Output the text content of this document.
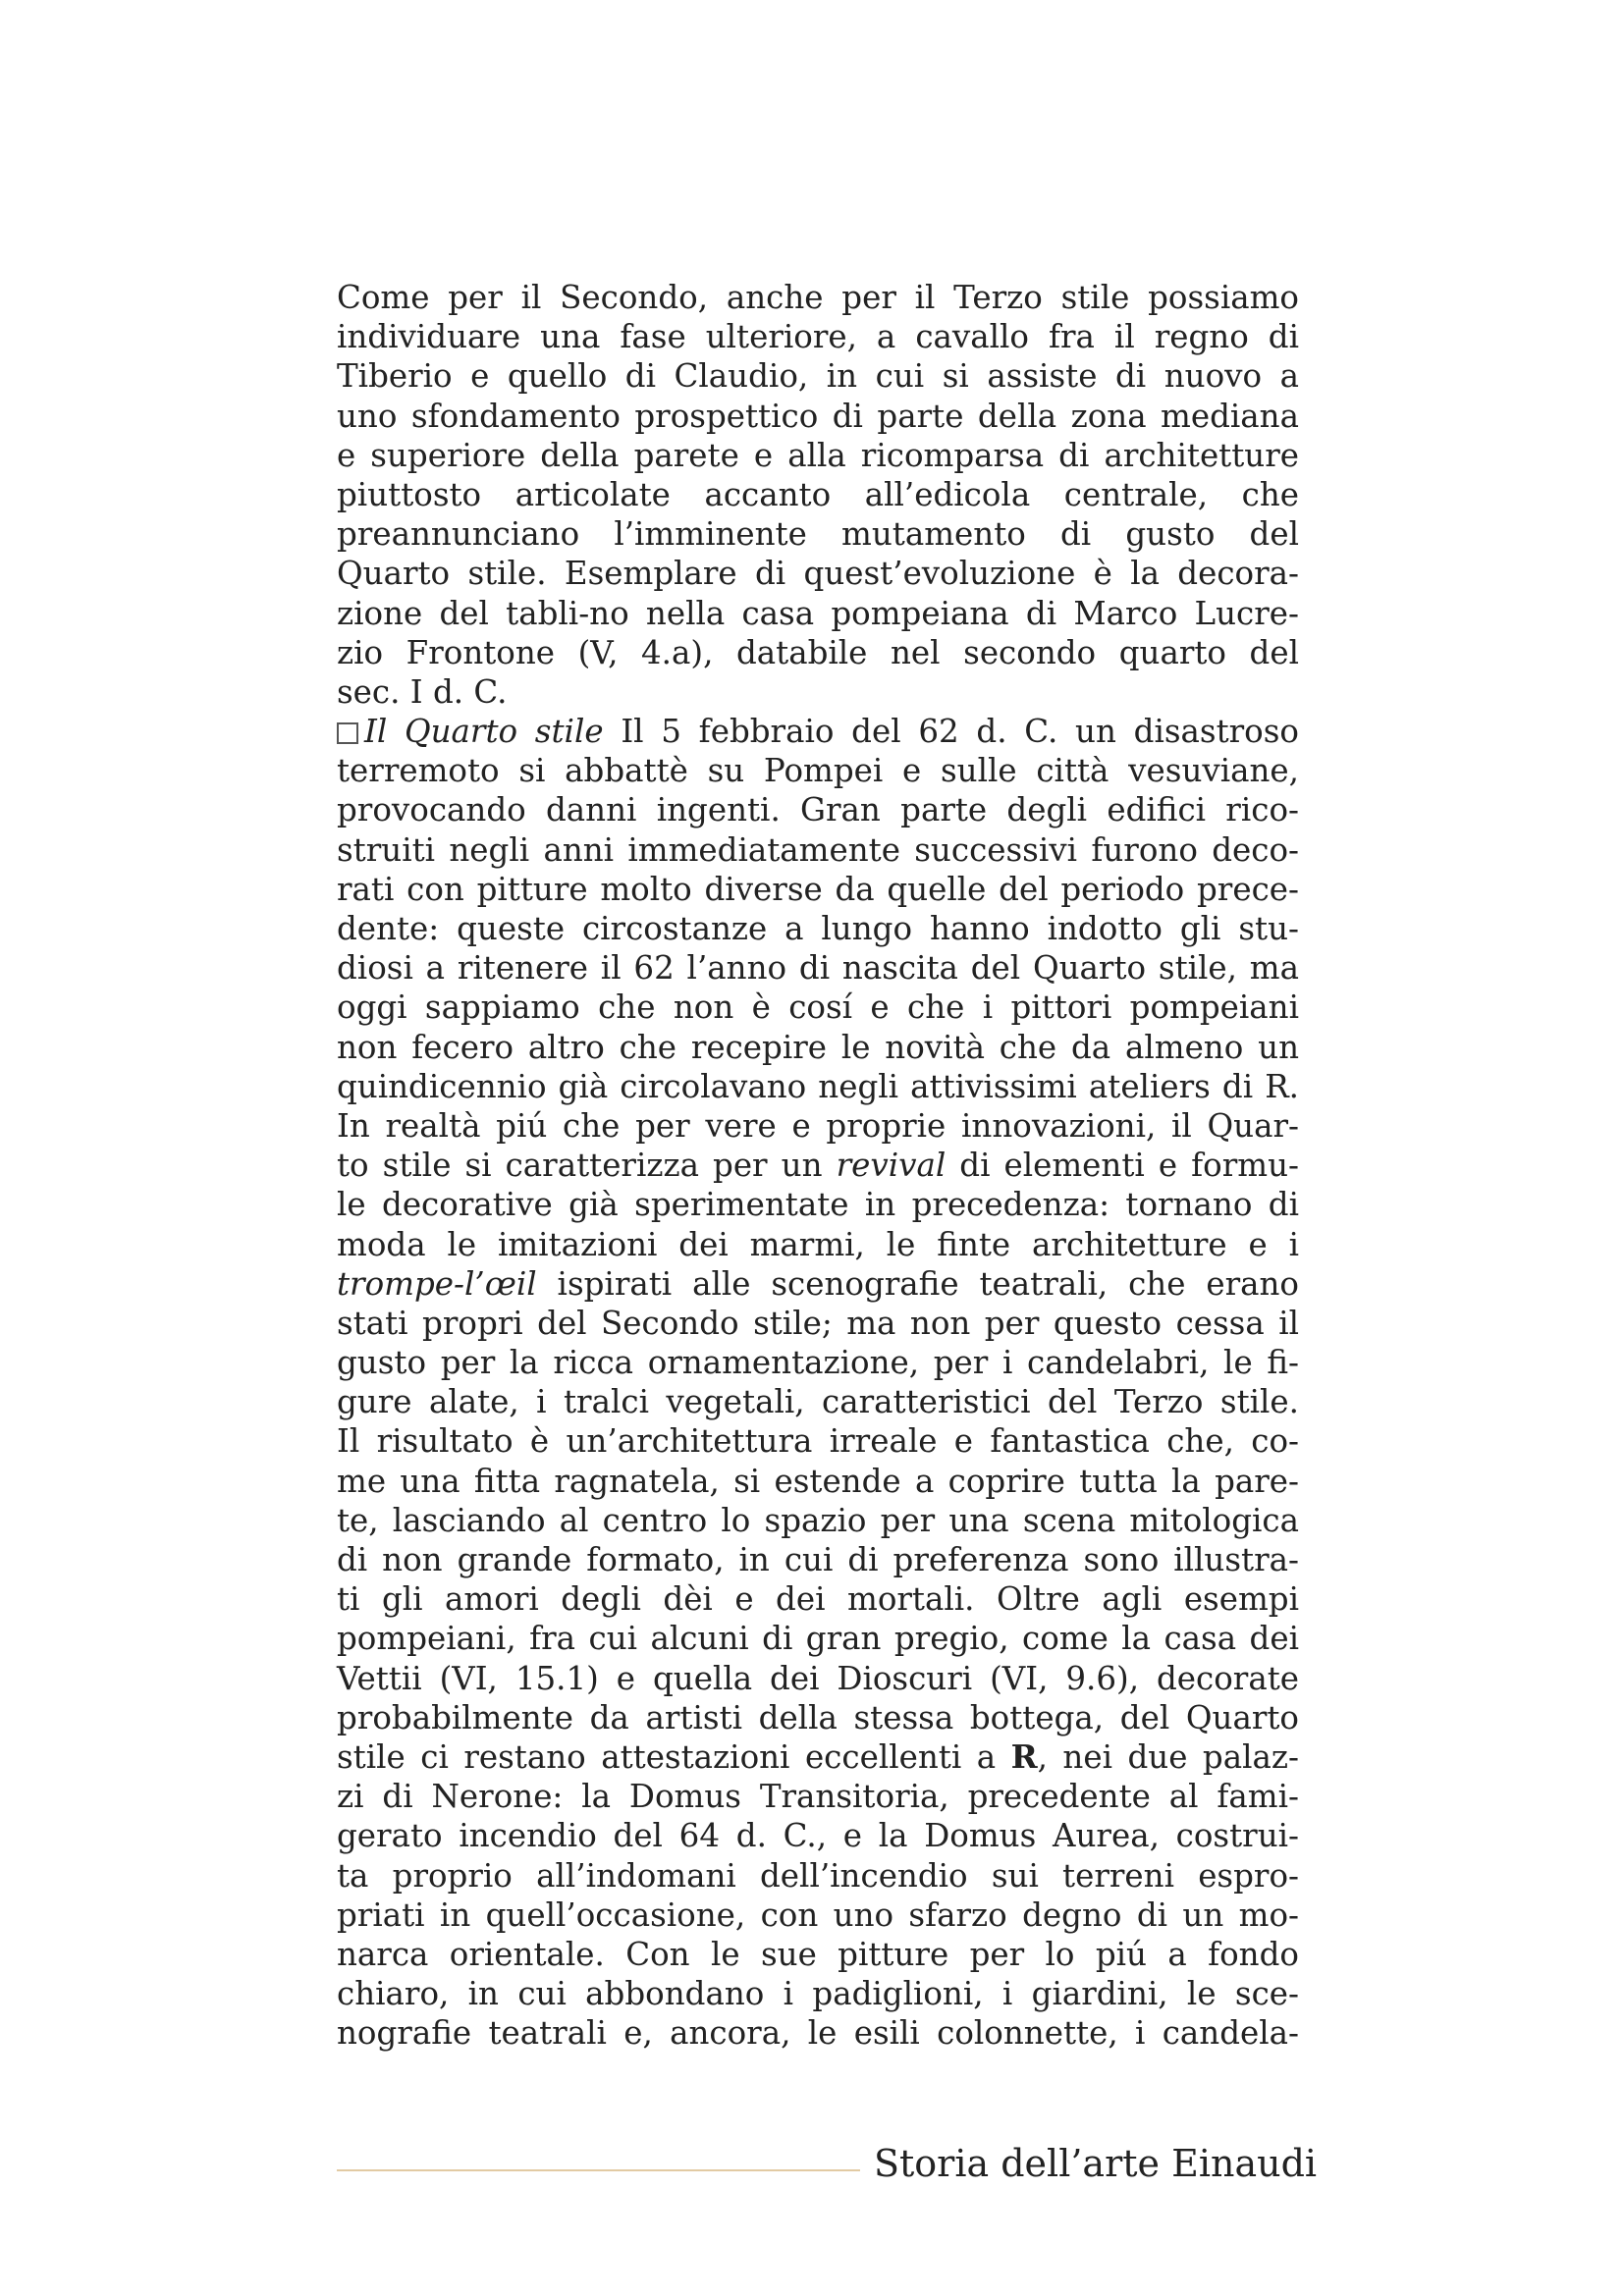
Come per il Secondo, anche per il Terzo stile possiamo
individuare una fase ulteriore, a cavallo fra il regno di
Tiberio e quello di Claudio, in cui si assiste di nuovo a
uno sfondamento prospettico di parte della zona mediana
e superiore della parete e alla ricomparsa di architetture
piuttosto articolate accanto all’edicola centrale, che
preannunciano l’imminente mutamento di gusto del
Quarto stile. Esemplare di quest’evoluzione è la decora-
zione del tabli-no nella casa pompeiana di Marco Lucre-
zio Frontone (V, 4.a), databile nel secondo quarto del
sec. I d. C.
Il Quarto stile Il 5 febbraio del 62 d. C. un disastroso
terremoto si abbattè su Pompei e sulle città vesuviane,
provocando danni ingenti. Gran parte degli edifici rico-
struiti negli anni immediatamente successivi furono deco-
rati con pitture molto diverse da quelle del periodo prece-
dente: queste circostanze a lungo hanno indotto gli stu-
diosi a ritenere il 62 l’anno di nascita del Quarto stile, ma
oggi sappiamo che non è cosí e che i pittori pompeiani
non fecero altro che recepire le novità che da almeno un
quindicennio già circolavano negli attivissimi ateliers di R.
In realtà piú che per vere e proprie innovazioni, il Quar-
to stile si caratterizza per un revival di elementi e formu-
le decorative già sperimentate in precedenza: tornano di
moda le imitazioni dei marmi, le finte architetture e i
trompe-l’œil ispirati alle scenografie teatrali, che erano
stati propri del Secondo stile; ma non per questo cessa il
gusto per la ricca ornamentazione, per i candelabri, le fi-
gure alate, i tralci vegetali, caratteristici del Terzo stile.
Il risultato è un’architettura irreale e fantastica che, co-
me una fitta ragnatela, si estende a coprire tutta la pare-
te, lasciando al centro lo spazio per una scena mitologica
di non grande formato, in cui di preferenza sono illustra-
ti gli amori degli dèi e dei mortali. Oltre agli esempi
pompeiani, fra cui alcuni di gran pregio, come la casa dei
Vettii (VI, 15.1) e quella dei Dioscuri (VI, 9.6), decorate
probabilmente da artisti della stessa bottega, del Quarto
stile ci restano attestazioni eccellenti a R, nei due palaz-
zi di Nerone: la Domus Transitoria, precedente al fami-
gerato incendio del 64 d. C., e la Domus Aurea, costrui-
ta proprio all’indomani dell’incendio sui terreni espro-
priati in quell’occasione, con uno sfarzo degno di un mo-
narca orientale. Con le sue pitture per lo piú a fondo
chiaro, in cui abbondano i padiglioni, i giardini, le sce-
nografie teatrali e, ancora, le esili colonnette, i candela-
Storia dell’arte Einaudi
